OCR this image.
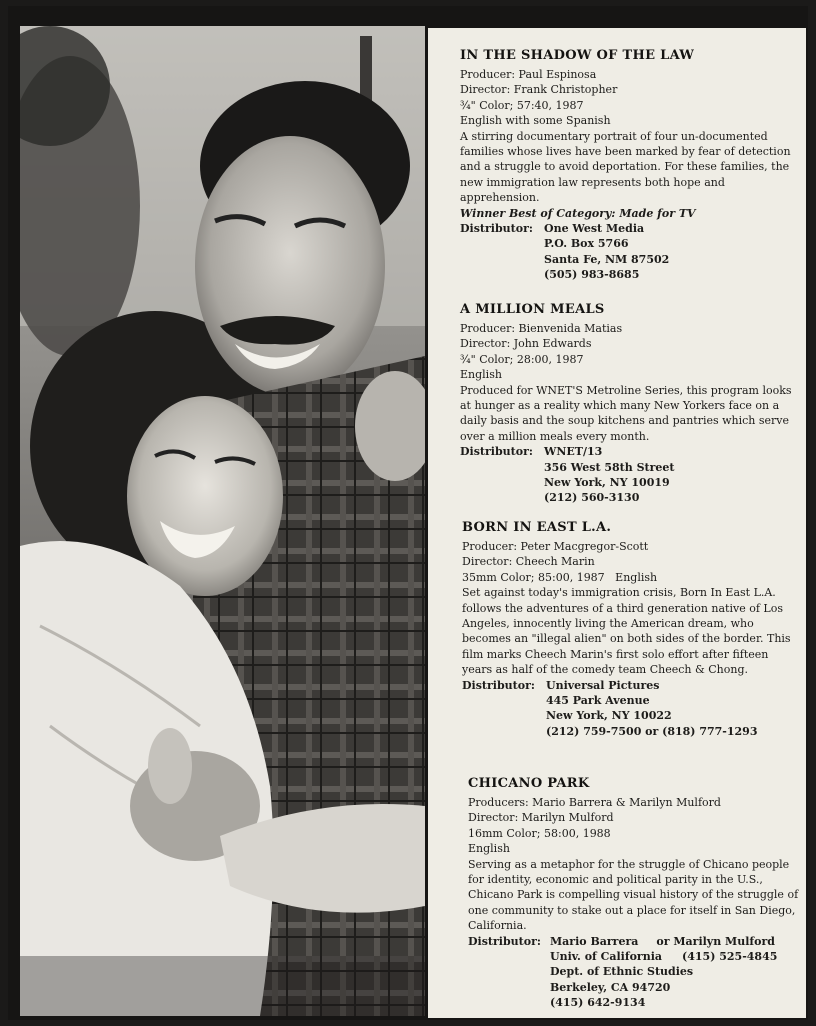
IN THE SHADOW OF THE LAW

Producer: Paul Espinosa

Director: Frank Christopher

¾" Color; 57:40, 1987

English with some Spanish

A stirring documentary portrait of four un-documented families whose lives have been marked by fear of detection and a struggle to avoid deportation. For these families, the new immigration law represents both hope and apprehension.

Winner Best of Category: Made for TV

Distributor: One West Media
P.O. Box 5766
Santa Fe, NM 87502
(505) 983-8685
A MILLION MEALS

Producer: Bienvenida Matias

Director: John Edwards

¾" Color; 28:00, 1987

English

Produced for WNET'S Metroline Series, this program looks at hunger as a reality which many New Yorkers face on a daily basis and the soup kitchens and pantries which serve over a million meals every month.

Distributor: WNET/13
356 West 58th Street
New York, NY 10019
(212) 560-3130
BORN IN EAST L.A.

Producer: Peter Macgregor-Scott

Director: Cheech Marin

35mm Color; 85:00, 1987   English

Set against today's immigration crisis, Born In East L.A. follows the adventures of a third generation native of Los Angeles, innocently living the American dream, who becomes an "illegal alien" on both sides of the border. This film marks Cheech Marin's first solo effort after fifteen years as half of the comedy team Cheech & Chong.

Distributor: Universal Pictures
445 Park Avenue
New York, NY 10022
(212) 759-7500 or (818) 777-1293
CHICANO PARK

Producers: Mario Barrera & Marilyn Mulford

Director: Marilyn Mulford

16mm Color; 58:00, 1988

English

Serving as a metaphor for the struggle of Chicano people for identity, economic and political parity in the U.S., Chicano Park is compelling visual history of the struggle of one community to stake out a place for itself in San Diego, California.

Distributor: Mario Barrera or Marilyn Mulford
Univ. of California (415) 525-4845
Dept. of Ethnic Studies
Berkeley, CA 94720
(415) 642-9134
